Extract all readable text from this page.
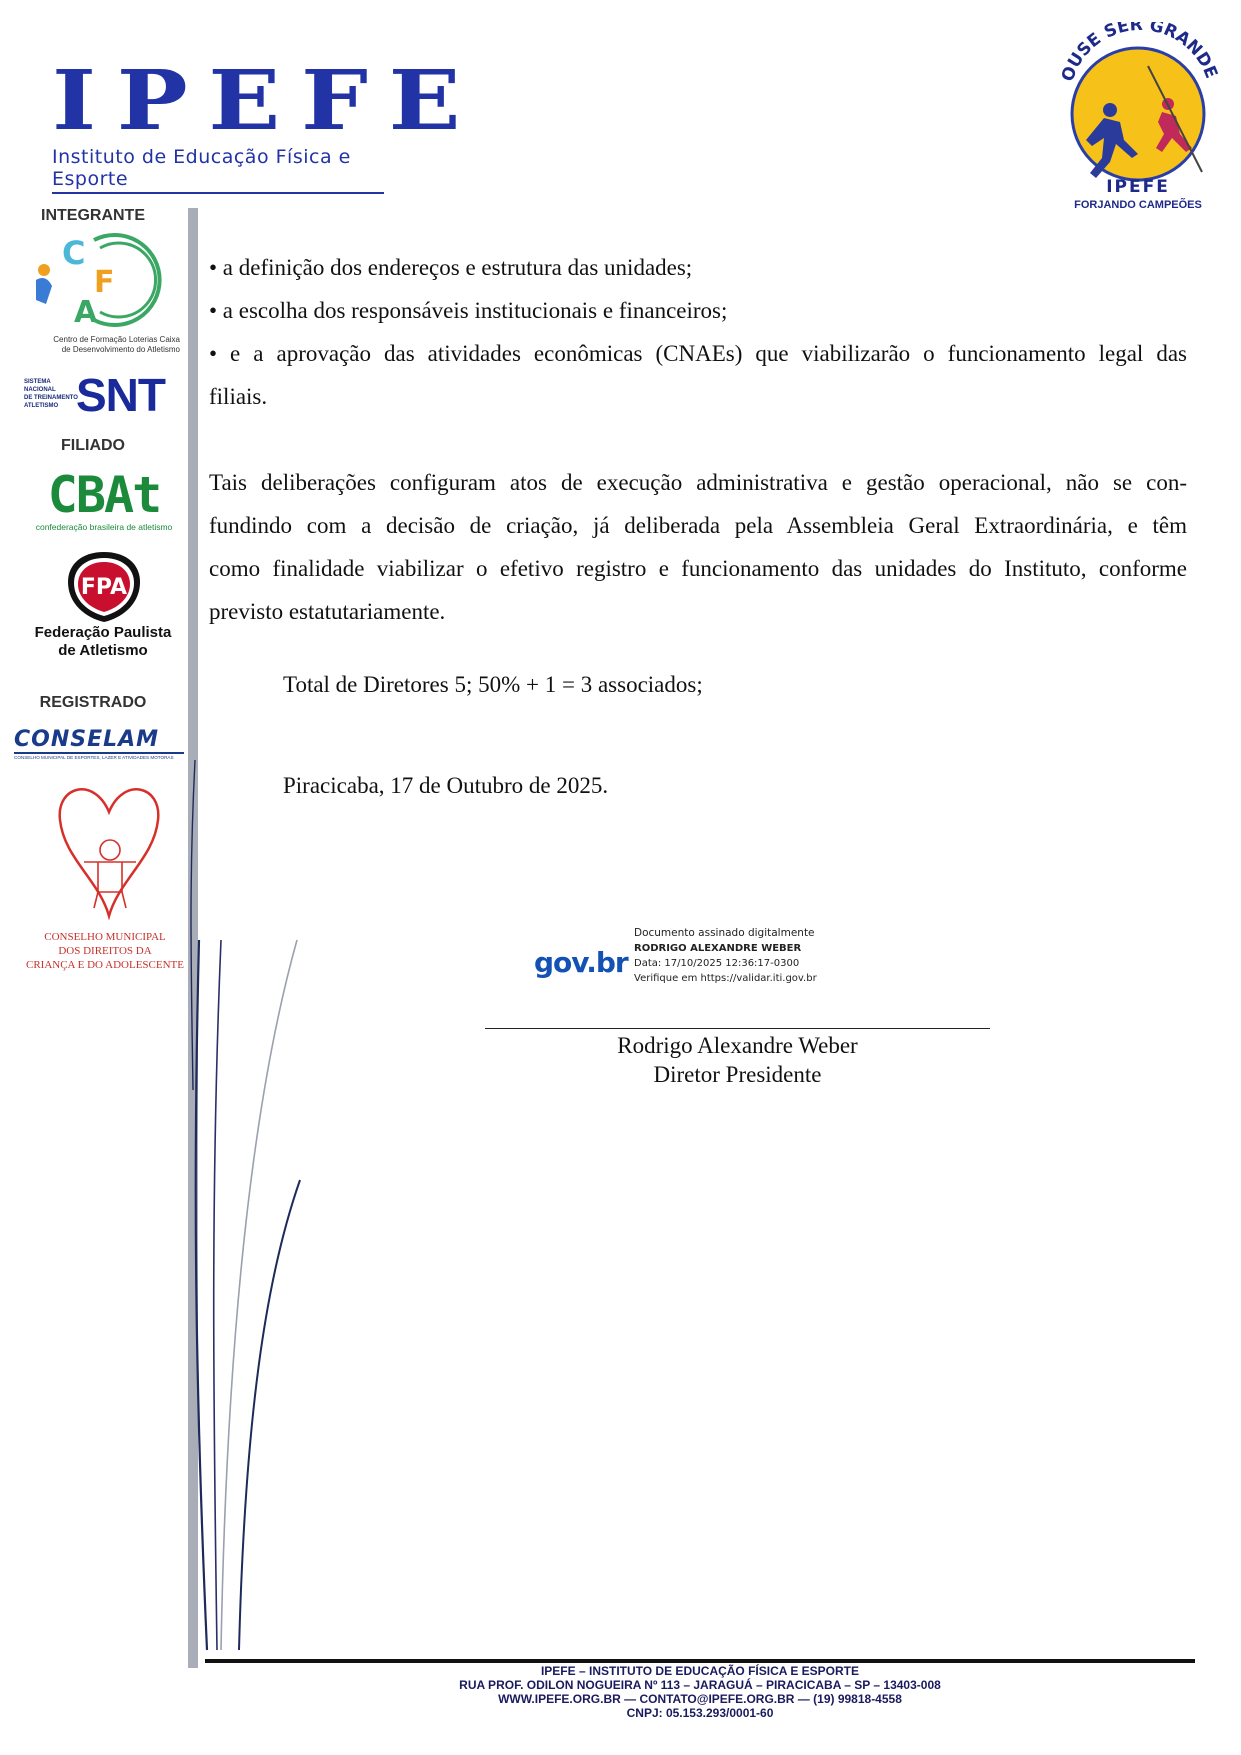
IPEFE
Instituto de Educação Física e Esporte
OUSE SER GRANDE
IPEFE
FORJANDO CAMPEÕES
INTEGRANTE
C
F
A
Centro de Formação Loterias Caixa
de Desenvolvimento do Atletismo
SISTEMA
NACIONAL
DE TREINAMENTO
ATLETISMO SNT
FILIADO
CBAt
confederação brasileira de atletismo
FPA
Federação Paulista
de Atletismo
REGISTRADO
CONSELAM
CONSELHO MUNICIPAL DE ESPORTES, LAZER E ATIVIDADES MOTORAS
CONSELHO MUNICIPAL
DOS DIREITOS DA
CRIANÇA E DO ADOLESCENTE
• a definição dos endereços e estrutura das unidades;
• a escolha dos responsáveis institucionais e financeiros;
• e a aprovação das atividades econômicas (CNAEs) que viabilizarão o funcionamento legal das
filiais.
Tais deliberações configuram atos de execução administrativa e gestão operacional, não se con-
fundindo com a decisão de criação, já deliberada pela Assembleia Geral Extraordinária, e têm
como finalidade viabilizar o efetivo registro e funcionamento das unidades do Instituto, conforme
previsto estatutariamente.
Total de Diretores 5; 50% + 1 = 3 associados;
Piracicaba, 17 de Outubro de 2025.
gov.br
Documento assinado digitalmente
RODRIGO ALEXANDRE WEBER
Data: 17/10/2025 12:36:17-0300
Verifique em https://validar.iti.gov.br
Rodrigo Alexandre Weber
Diretor Presidente
IPEFE – INSTITUTO DE EDUCAÇÃO FÍSICA E ESPORTE
RUA PROF. ODILON NOGUEIRA Nº 113 – JARAGUÁ – PIRACICABA – SP – 13403-008
WWW.IPEFE.ORG.BR — CONTATO@IPEFE.ORG.BR — (19) 99818-4558
CNPJ: 05.153.293/0001-60
